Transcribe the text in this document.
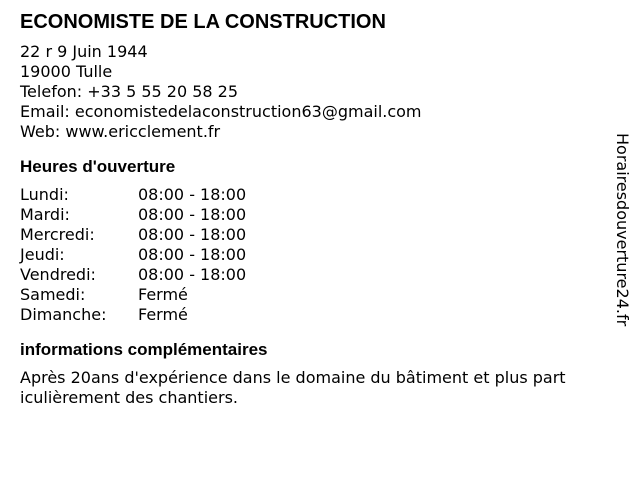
ECONOMISTE DE LA CONSTRUCTION
22 r 9 Juin 1944
19000 Tulle
Telefon: +33 5 55 20 58 25
Email: economistedelaconstruction63@gmail.com
Web: www.ericclement.fr
Heures d'ouverture
Lundi:	08:00 - 18:00
Mardi:	08:00 - 18:00
Mercredi:	08:00 - 18:00
Jeudi:	08:00 - 18:00
Vendredi:	08:00 - 18:00
Samedi:	Fermé
Dimanche:	Fermé
informations complémentaires
Après 20ans d'expérience dans le domaine du bâtiment et plus part iculièrement des chantiers.
Horairesdouverture24.fr
